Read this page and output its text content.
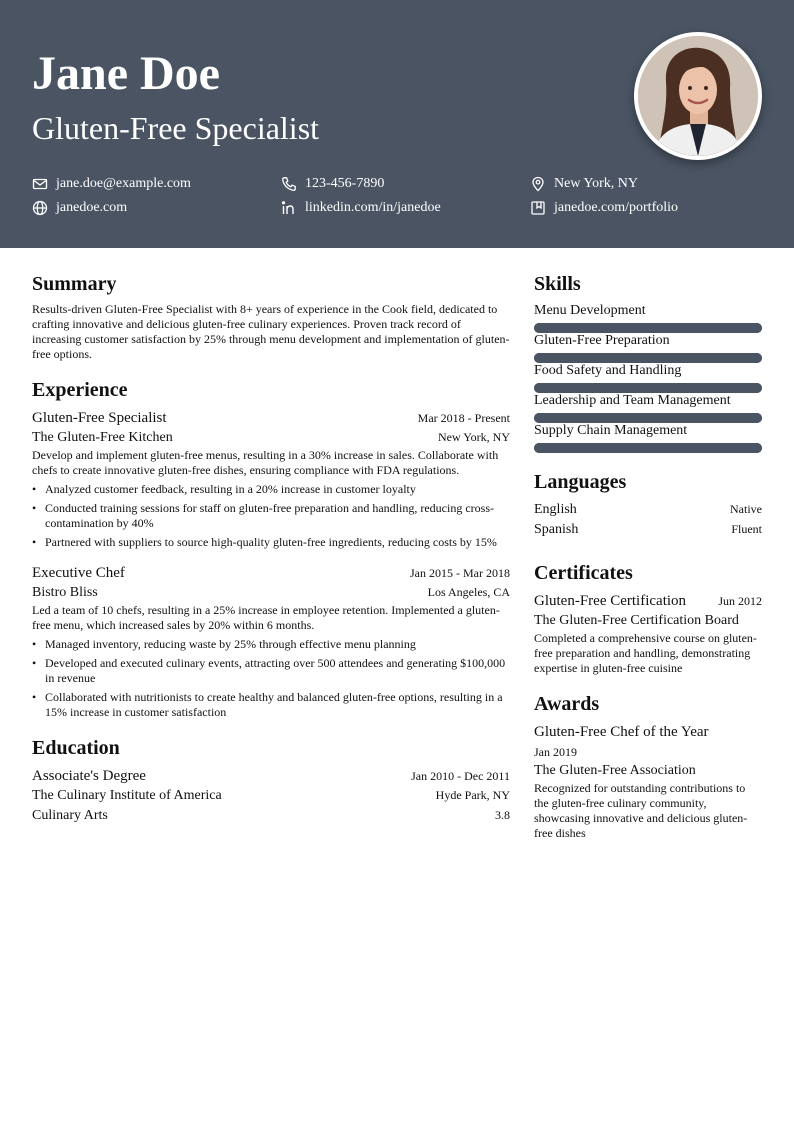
Jane Doe
Gluten-Free Specialist
jane.doe@example.com	123-456-7890	New York, NY
janedoe.com	linkedin.com/in/janedoe	janedoe.com/portfolio
Summary
Results-driven Gluten-Free Specialist with 8+ years of experience in the Cook field, dedicated to crafting innovative and delicious gluten-free culinary experiences. Proven track record of increasing customer satisfaction by 25% through menu development and implementation of gluten-free options.
Experience
Gluten-Free Specialist	Mar 2018 - Present
The Gluten-Free Kitchen	New York, NY
Develop and implement gluten-free menus, resulting in a 30% increase in sales. Collaborate with chefs to create innovative gluten-free dishes, ensuring compliance with FDA regulations.
• Analyzed customer feedback, resulting in a 20% increase in customer loyalty
• Conducted training sessions for staff on gluten-free preparation and handling, reducing cross-contamination by 40%
• Partnered with suppliers to source high-quality gluten-free ingredients, reducing costs by 15%
Executive Chef	Jan 2015 - Mar 2018
Bistro Bliss	Los Angeles, CA
Led a team of 10 chefs, resulting in a 25% increase in employee retention. Implemented a gluten-free menu, which increased sales by 20% within 6 months.
• Managed inventory, reducing waste by 25% through effective menu planning
• Developed and executed culinary events, attracting over 500 attendees and generating $100,000 in revenue
• Collaborated with nutritionists to create healthy and balanced gluten-free options, resulting in a 15% increase in customer satisfaction
Education
Associate's Degree	Jan 2010 - Dec 2011
The Culinary Institute of America	Hyde Park, NY
Culinary Arts	3.8
Skills
Menu Development
Gluten-Free Preparation
Food Safety and Handling
Leadership and Team Management
Supply Chain Management
Languages
English	Native
Spanish	Fluent
Certificates
Gluten-Free Certification	Jun 2012
The Gluten-Free Certification Board
Completed a comprehensive course on gluten-free preparation and handling, demonstrating expertise in gluten-free cuisine
Awards
Gluten-Free Chef of the Year
Jan 2019
The Gluten-Free Association
Recognized for outstanding contributions to the gluten-free culinary community, showcasing innovative and delicious gluten-free dishes
